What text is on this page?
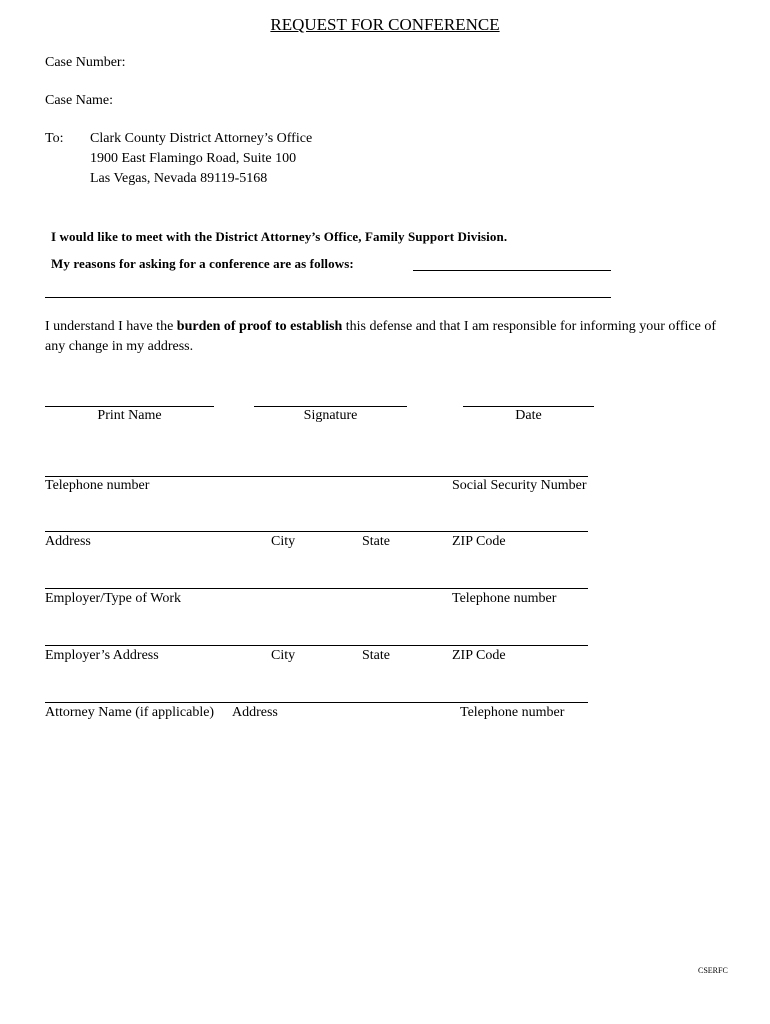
REQUEST FOR CONFERENCE
Case Number:
Case Name:
To: Clark County District Attorney’s Office
1900 East Flamingo Road, Suite 100
Las Vegas, Nevada 89119-5168
I would like to meet with the District Attorney’s Office, Family Support Division.
My reasons for asking for a conference are as follows:
I understand I have the burden of proof to establish this defense and that I am responsible for informing your office of any change in my address.
Print Name	Signature	Date
Telephone number	Social Security Number
Address	City	State	ZIP Code
Employer/Type of Work	Telephone number
Employer’s Address	City	State	ZIP Code
Attorney Name (if applicable) Address	Telephone number
CSERFC
